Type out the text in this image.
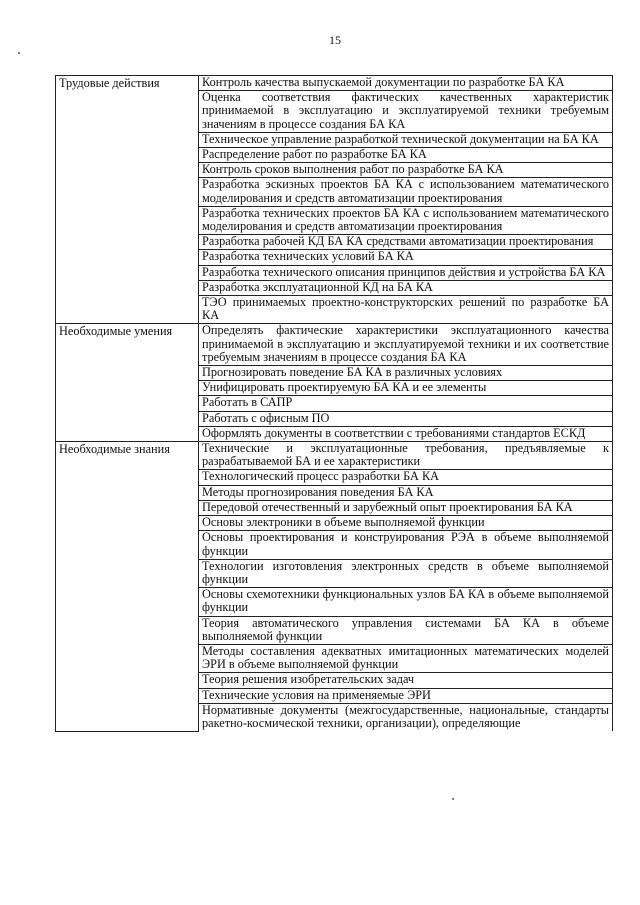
15
Трудовые действия	Контроль качества выпускаемой документации по разработке БА КА
	Оценка соответствия фактических качественных характеристик принимаемой в эксплуатацию и эксплуатируемой техники требуемым значениям в процессе создания БА КА
	Техническое управление разработкой технической документации на БА КА
	Распределение работ по разработке БА КА
	Контроль сроков выполнения работ по разработке БА КА
	Разработка эскизных проектов БА КА с использованием математического моделирования и средств автоматизации проектирования
	Разработка технических проектов БА КА с использованием математического моделирования и средств автоматизации проектирования
	Разработка рабочей КД БА КА средствами автоматизации проектирования
	Разработка технических условий БА КА
	Разработка технического описания принципов действия и устройства БА КА
	Разработка эксплуатационной КД на БА КА
	ТЭО принимаемых проектно-конструкторских решений по разработке БА КА
Необходимые умения	Определять фактические характеристики эксплуатационного качества принимаемой в эксплуатацию и эксплуатируемой техники и их соответствие требуемым значениям в процессе создания БА КА
	Прогнозировать поведение БА КА в различных условиях
	Унифицировать проектируемую БА КА и ее элементы
	Работать в САПР
	Работать с офисным ПО
	Оформлять документы в соответствии с требованиями стандартов ЕСКД
Необходимые знания	Технические и эксплуатационные требования, предъявляемые к разрабатываемой БА и ее характеристики
	Технологический процесс разработки БА КА
	Методы прогнозирования поведения БА КА
	Передовой отечественный и зарубежный опыт проектирования БА КА
	Основы электроники в объеме выполняемой функции
	Основы проектирования и конструирования РЭА в объеме выполняемой функции
	Технологии изготовления электронных средств в объеме выполняемой функции
	Основы схемотехники функциональных узлов БА КА в объеме выполняемой функции
	Теория автоматического управления системами БА КА в объеме выполняемой функции
	Методы составления адекватных имитационных математических моделей ЭРИ в объеме выполняемой функции
	Теория решения изобретательских задач
	Технические условия на применяемые ЭРИ
	Нормативные документы (межгосударственные, национальные, стандарты ракетно-космической техники, организации), определяющие
